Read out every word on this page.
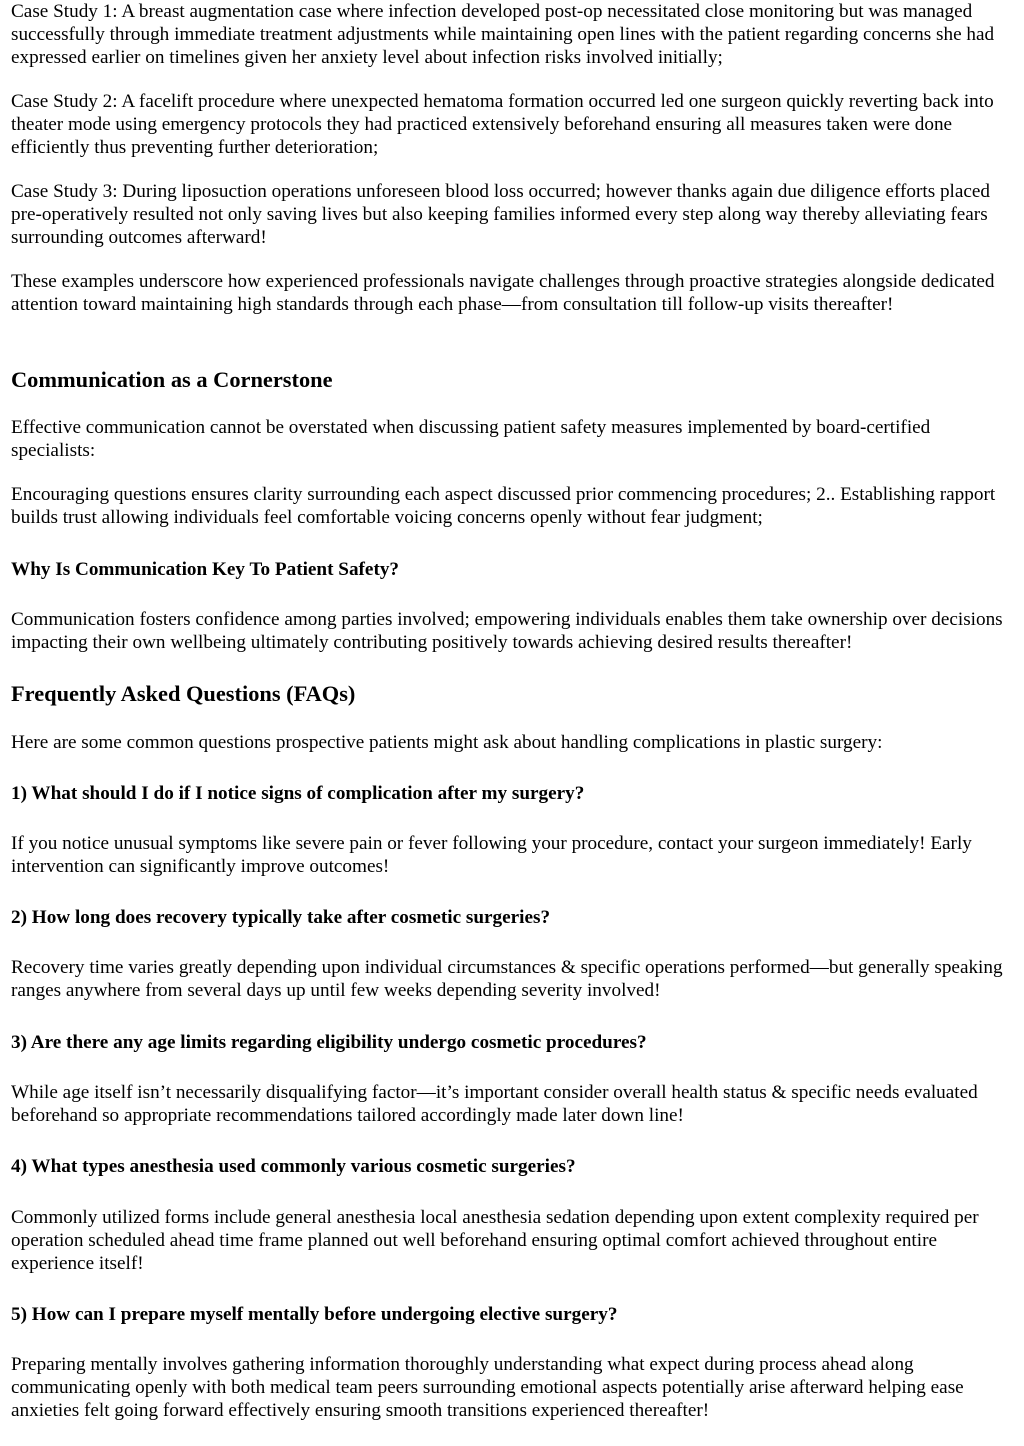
Case Study 1: A breast augmentation case where infection developed post-op necessitated close monitoring but was managed successfully through immediate treatment adjustments while maintaining open lines with the patient regarding concerns she had expressed earlier on timelines given her anxiety level about infection risks involved initially;

Case Study 2: A facelift procedure where unexpected hematoma formation occurred led one surgeon quickly reverting back into theater mode using emergency protocols they had practiced extensively beforehand ensuring all measures taken were done efficiently thus preventing further deterioration;

Case Study 3: During liposuction operations unforeseen blood loss occurred; however thanks again due diligence efforts placed pre-operatively resulted not only saving lives but also keeping families informed every step along way thereby alleviating fears surrounding outcomes afterward!

These examples underscore how experienced professionals navigate challenges through proactive strategies alongside dedicated attention toward maintaining high standards through each phase—from consultation till follow-up visits thereafter!

Communication as a Cornerstone

Effective communication cannot be overstated when discussing patient safety measures implemented by board-certified specialists:

Encouraging questions ensures clarity surrounding each aspect discussed prior commencing procedures; 2.. Establishing rapport builds trust allowing individuals feel comfortable voicing concerns openly without fear judgment;

Why Is Communication Key To Patient Safety?

Communication fosters confidence among parties involved; empowering individuals enables them take ownership over decisions impacting their own wellbeing ultimately contributing positively towards achieving desired results thereafter!

Frequently Asked Questions (FAQs)

Here are some common questions prospective patients might ask about handling complications in plastic surgery:

1) What should I do if I notice signs of complication after my surgery?

If you notice unusual symptoms like severe pain or fever following your procedure, contact your surgeon immediately! Early intervention can significantly improve outcomes!

2) How long does recovery typically take after cosmetic surgeries?

Recovery time varies greatly depending upon individual circumstances & specific operations performed—but generally speaking ranges anywhere from several days up until few weeks depending severity involved!

3) Are there any age limits regarding eligibility undergo cosmetic procedures?

While age itself isn’t necessarily disqualifying factor—it’s important consider overall health status & specific needs evaluated beforehand so appropriate recommendations tailored accordingly made later down line!

4) What types anesthesia used commonly various cosmetic surgeries?

Commonly utilized forms include general anesthesia local anesthesia sedation depending upon extent complexity required per operation scheduled ahead time frame planned out well beforehand ensuring optimal comfort achieved throughout entire experience itself!

5) How can I prepare myself mentally before undergoing elective surgery?

Preparing mentally involves gathering information thoroughly understanding what expect during process ahead along communicating openly with both medical team peers surrounding emotional aspects potentially arise afterward helping ease anxieties felt going forward effectively ensuring smooth transitions experienced thereafter!
